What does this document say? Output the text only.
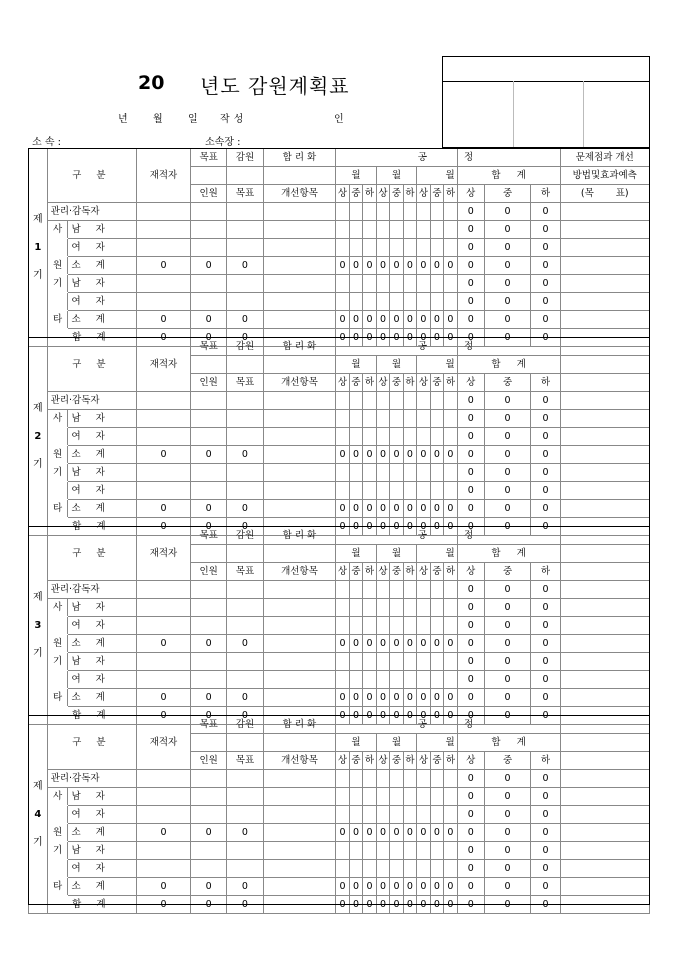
20 년도 감원계획표
년	월	일 작성	인
소 속 :	소속장 :
제
1
기	구 분		재적자	목표	감원	합 리 화	공									정			문제점과 개선
							월			월			월			합 계			방법및효과예측
				인원	목표	개선항목	상	중	하	상	중	하	상	중	하	상	중	하	(목 표)
	관리·감독자															0	0	0	
	사	남 자														0	0	0	
		여 자														0	0	0	
	원	소 계	0	0	0		0	0	0	0	0	0	0	0	0	0	0	0	
	기	남 자														0	0	0	
		여 자														0	0	0	
	타	소 계	0	0	0		0	0	0	0	0	0	0	0	0	0	0	0	
	합 계		0	0	0		0	0	0	0	0	0	0	0	0	0	0	0	
제
2
기	구 분		재적자	목표	감원	합 리 화	공									정			
							월			월			월			합 계			
				인원	목표	개선항목	상	중	하	상	중	하	상	중	하	상	중	하	
	관리·감독자															0	0	0	
	사	남 자														0	0	0	
		여 자														0	0	0	
	원	소 계	0	0	0		0	0	0	0	0	0	0	0	0	0	0	0	
	기	남 자														0	0	0	
		여 자														0	0	0	
	타	소 계	0	0	0		0	0	0	0	0	0	0	0	0	0	0	0	
	합 계		0	0	0		0	0	0	0	0	0	0	0	0	0	0	0	
제
3
기	구 분		재적자	목표	감원	합 리 화	공									정			
							월			월			월			합 계			
				인원	목표	개선항목	상	중	하	상	중	하	상	중	하	상	중	하	
	관리·감독자															0	0	0	
	사	남 자														0	0	0	
		여 자														0	0	0	
	원	소 계	0	0	0		0	0	0	0	0	0	0	0	0	0	0	0	
	기	남 자														0	0	0	
		여 자														0	0	0	
	타	소 계	0	0	0		0	0	0	0	0	0	0	0	0	0	0	0	
	합 계		0	0	0		0	0	0	0	0	0	0	0	0	0	0	0	
제
4
기	구 분		재적자	목표	감원	합 리 화	공									정			
							월			월			월			합 계			
				인원	목표	개선항목	상	중	하	상	중	하	상	중	하	상	중	하	
	관리·감독자															0	0	0	
	사	남 자														0	0	0	
		여 자														0	0	0	
	원	소 계	0	0	0		0	0	0	0	0	0	0	0	0	0	0	0	
	기	남 자														0	0	0	
		여 자														0	0	0	
	타	소 계	0	0	0		0	0	0	0	0	0	0	0	0	0	0	0	
	합 계		0	0	0		0	0	0	0	0	0	0	0	0	0	0	0	
